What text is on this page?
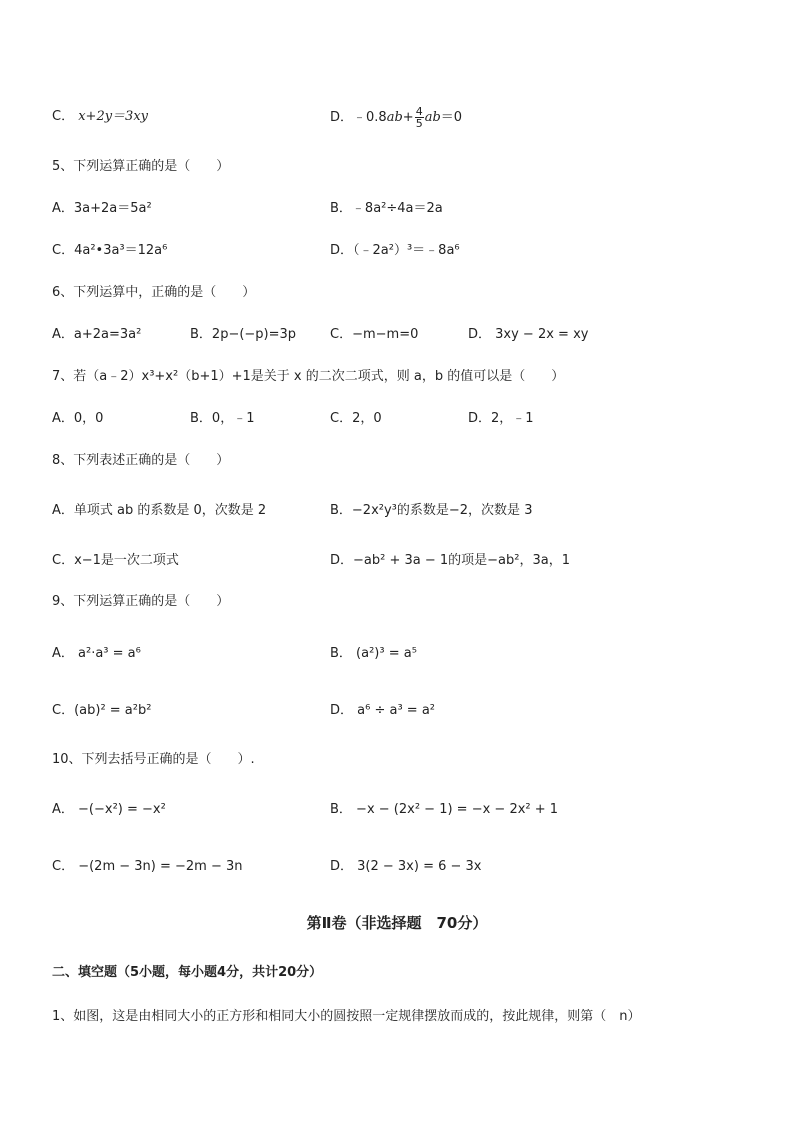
C． x+2y＝3xy	D．﹣0.8ab+ $\frac{4}{5} ab=0$
5、下列运算正确的是（　　）
A．3a+2a＝5a²	B．﹣8a²÷4a＝2a
C．4a²•3a³＝12a⁶	D．（﹣2a²）³＝﹣8a⁶
6、下列运算中，正确的是（　　）
A．a+2a=3a²	B．2p−(−p)=3p	C．−m−m=0	D． 3xy − 2x = xy
7、若（a﹣2）x³+x²（b+1）+1是关于 x 的二次二项式，则 a，b 的值可以是（　　）
A．0，0	B．0，﹣1	C．2，0	D．2，﹣1
8、下列表述正确的是（　　）
A．单项式 ab 的系数是 0，次数是 2	B．−2x²y³的系数是−2，次数是 3
C．x−1是一次二项式	D．−ab² + 3a − 1的项是−ab²，3a，1
9、下列运算正确的是（　　）
A． a²·a³ = a⁶	B． (a²)³ = a⁵
C．(ab)² = a²b²	D． a⁶ ÷ a³ = a²
10、下列去括号正确的是（　　）.
A． −(−x²) = −x²	B． −x − (2x² − 1) = −x − 2x² + 1
C． −(2m − 3n) = −2m − 3n	D． 3(2 − 3x) = 6 − 3x
第Ⅱ卷（非选择题　70分）
二、填空题（5小题，每小题4分，共计20分）
1、如图，这是由相同大小的正方形和相同大小的圆按照一定规律摆放而成的，按此规律，则第（　n）
